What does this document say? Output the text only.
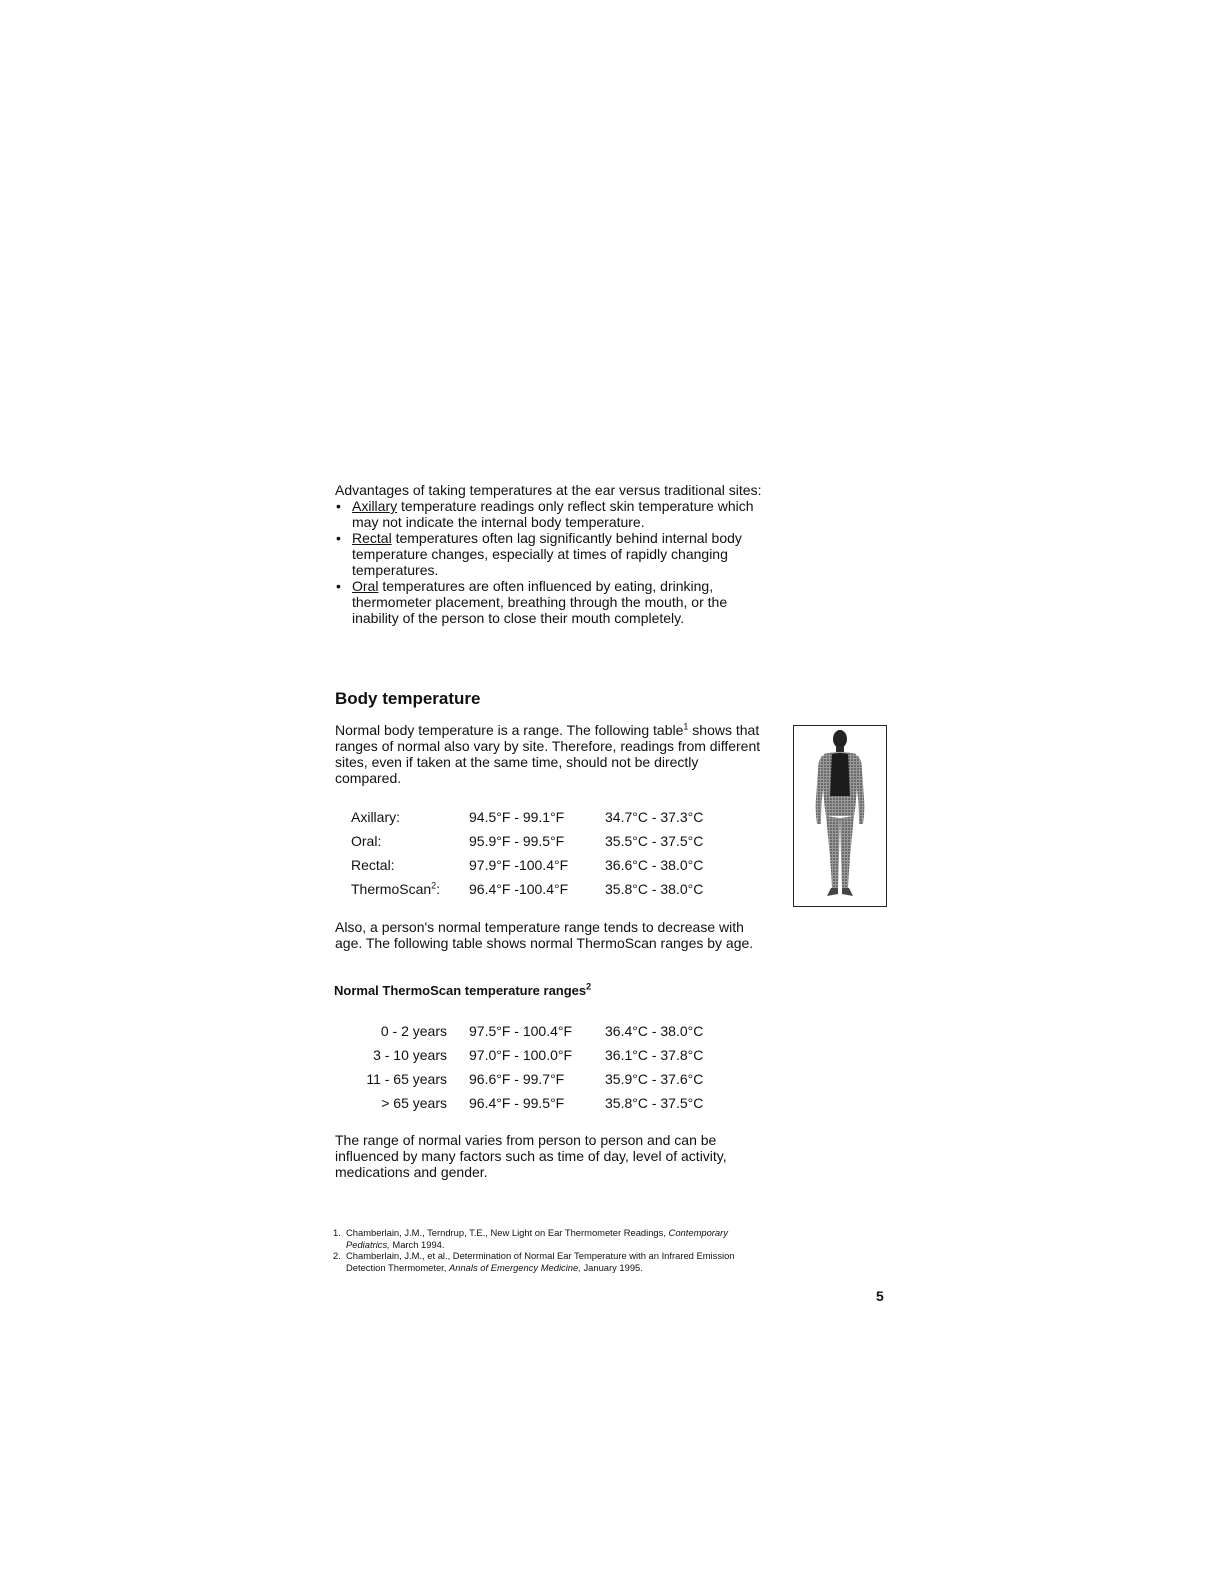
Advantages of taking temperatures at the ear versus traditional sites:

• Axillary temperature readings only reflect skin temperature which may not indicate the internal body temperature.
• Rectal temperatures often lag significantly behind internal body temperature changes, especially at times of rapidly changing temperatures.
• Oral temperatures are often influenced by eating, drinking, thermometer placement, breathing through the mouth, or the inability of the person to close their mouth completely.
Body temperature

Normal body temperature is a range. The following table$^1$ shows that ranges of normal also vary by site. Therefore, readings from different sites, even if taken at the same time, should not be directly compared.

Axillary:	94.5°F - 99.1°F	34.7°C - 37.3°C
Oral:	95.9°F - 99.5°F	35.5°C - 37.5°C
Rectal:	97.9°F -100.4°F	36.6°C - 38.0°C
ThermoScan$^2$:	96.4°F -100.4°F	35.8°C - 38.0°C

Also, a person's normal temperature range tends to decrease with age. The following table shows normal ThermoScan ranges by age.

Normal ThermoScan temperature ranges$^2$
0 - 2 years	97.5°F - 100.4°F	36.4°C - 38.0°C
3 - 10 years	97.0°F - 100.0°F	36.1°C - 37.8°C
11 - 65 years	96.6°F - 99.7°F	35.9°C - 37.6°C
> 65 years	96.4°F - 99.5°F	35.8°C - 37.5°C

The range of normal varies from person to person and can be influenced by many factors such as time of day, level of activity, medications and gender.

1. Chamberlain, J.M., Terndrup, T.E., New Light on Ear Thermometer Readings, Contemporary Pediatrics, March 1994.
2. Chamberlain, J.M., et al., Determination of Normal Ear Temperature with an Infrared Emission Detection Thermometer, Annals of Emergency Medicine, January 1995.
5
